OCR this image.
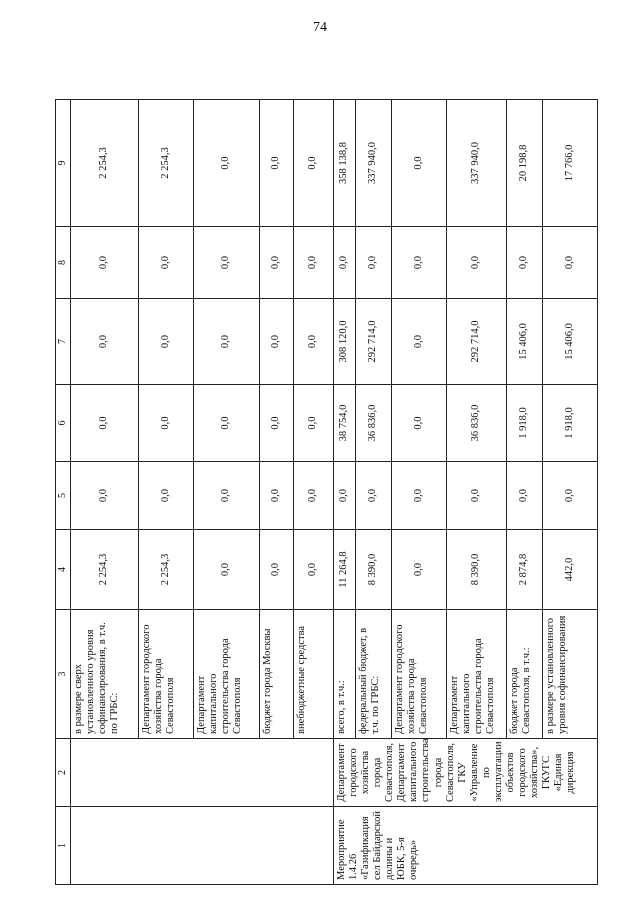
74
1	2	3	4	5	6	7	8	9
		в размере сверх установленного уровня софинансирования, в т.ч. по ГРБС:	2 254,3	0,0	0,0	0,0	0,0	2 254,3
		Департамент городского хозяйства города Севастополя	2 254,3	0,0	0,0	0,0	0,0	2 254,3
		Департамент капитального строительства города Севастополя	0,0	0,0	0,0	0,0	0,0	0,0
		бюджет города Москвы	0,0	0,0	0,0	0,0	0,0	0,0
		внебюджетные средства	0,0	0,0	0,0	0,0	0,0	0,0
Мероприятие 1.4.26 «Газификация сел Байдарской долины и ЮБК, 5-я очередь»	Департамент городского хозяйства города Севастополя, Департамент капитального строительства города Севастополя, ГКУ «Управление по эксплуатации объектов городского хозяйства», ГКУГС «Единая дирекция	всего, в т.ч.:	11 264,8	0,0	38 754,0	308 120,0	0,0	358 138,8
		федеральный бюджет, в т.ч. по ГРБС:	8 390,0	0,0	36 836,0	292 714,0	0,0	337 940,0
		Департамент городского хозяйства города Севастополя	0,0	0,0	0,0	0,0	0,0	0,0
		Департамент капитального строительства города Севастополя	8 390,0	0,0	36 836,0	292 714,0	0,0	337 940,0
		бюджет города Севастополя, в т.ч.:	2 874,8	0,0	1 918,0	15 406,0	0,0	20 198,8
		в размере установленного уровня софинансирования	442,0	0,0	1 918,0	15 406,0	0,0	17 766,0
